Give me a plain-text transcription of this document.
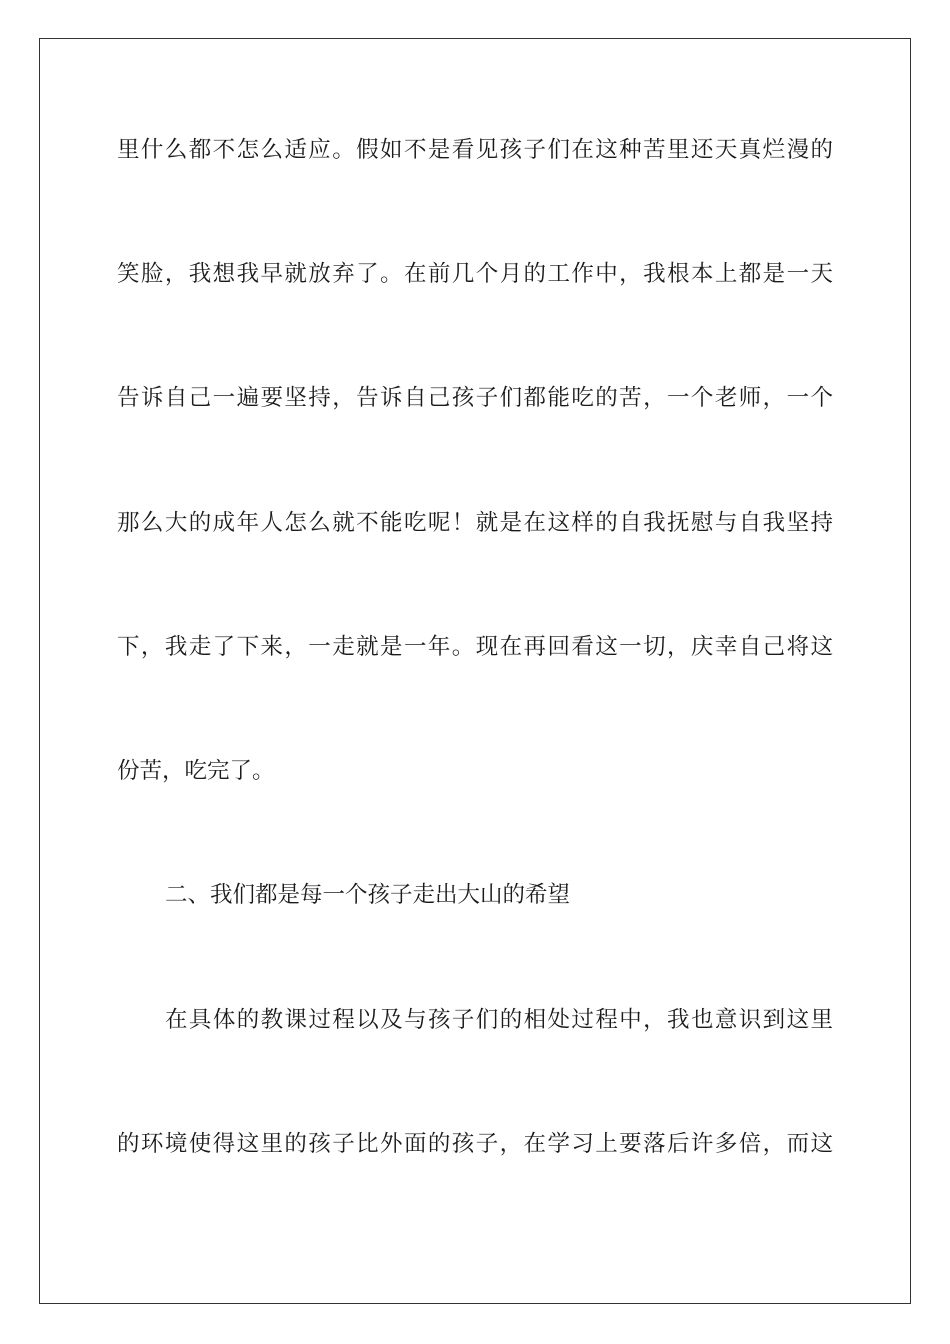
里什么都不怎么适应。假如不是看见孩子们在这种苦里还天真烂漫的
笑脸，我想我早就放弃了。在前几个月的工作中，我根本上都是一天
告诉自己一遍要坚持，告诉自己孩子们都能吃的苦，一个老师，一个
那么大的成年人怎么就不能吃呢！就是在这样的自我抚慰与自我坚持
下，我走了下来，一走就是一年。现在再回看这一切，庆幸自己将这
份苦，吃完了。
二、我们都是每一个孩子走出大山的希望
在具体的教课过程以及与孩子们的相处过程中，我也意识到这里
的环境使得这里的孩子比外面的孩子，在学习上要落后许多倍，而这
